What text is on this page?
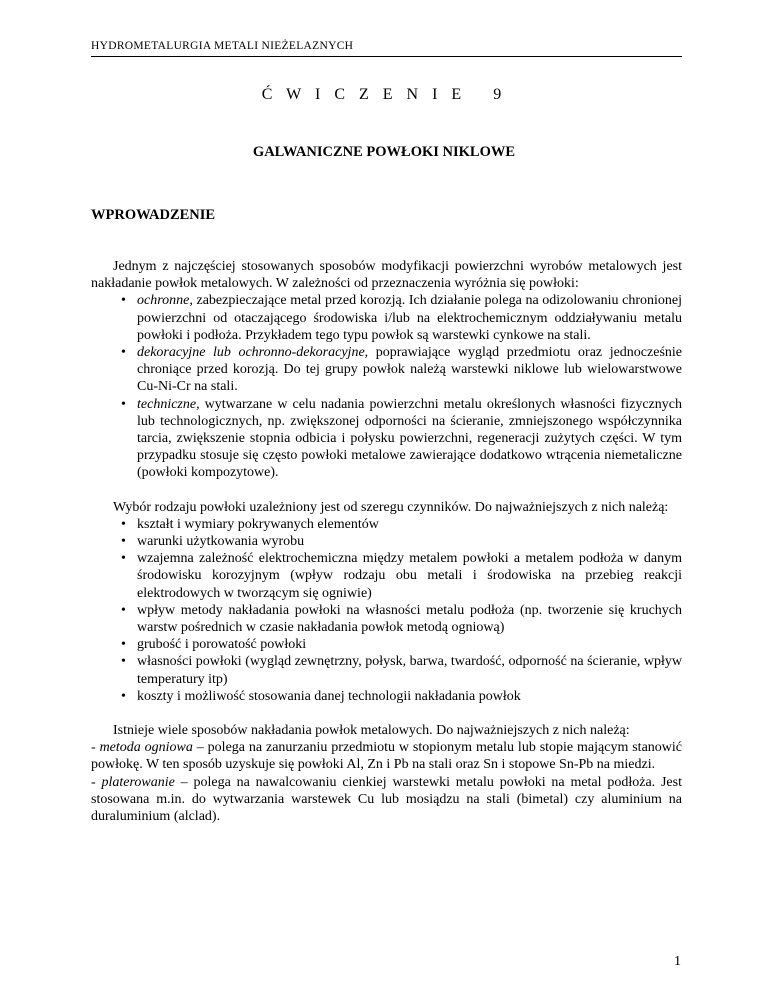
HYDROMETALURGIA METALI NIEŻELAZNYCH
Ć W I C Z E N I E   9
GALWANICZNE POWŁOKI NIKLOWE
WPROWADZENIE

Jednym z najczęściej stosowanych sposobów modyfikacji powierzchni wyrobów metalowych jest nakładanie powłok metalowych. W zależności od przeznaczenia wyróżnia się powłoki:

• ochronne, zabezpieczające metal przed korozją. Ich działanie polega na odizolowaniu chronionej powierzchni od otaczającego środowiska i/lub na elektrochemicznym oddziaływaniu metalu powłoki i podłoża. Przykładem tego typu powłok są warstewki cynkowe na stali.
• dekoracyjne lub ochronno-dekoracyjne, poprawiające wygląd przedmiotu oraz jednocześnie chroniące przed korozją. Do tej grupy powłok należą warstewki niklowe lub wielowarstwowe Cu-Ni-Cr na stali.
• techniczne, wytwarzane w celu nadania powierzchni metalu określonych własności fizycznych lub technologicznych, np. zwiększonej odporności na ścieranie, zmniejszonego współczynnika tarcia, zwiększenie stopnia odbicia i połysku powierzchni, regeneracji zużytych części. W tym przypadku stosuje się często powłoki metalowe zawierające dodatkowo wtrącenia niemetaliczne (powłoki kompozytowe).

Wybór rodzaju powłoki uzależniony jest od szeregu czynników. Do najważniejszych z nich należą:

• kształt i wymiary pokrywanych elementów
• warunki użytkowania wyrobu
• wzajemna zależność elektrochemiczna między metalem powłoki a metalem podłoża w danym środowisku korozyjnym (wpływ rodzaju obu metali i środowiska na przebieg reakcji elektrodowych w tworzącym się ogniwie)
• wpływ metody nakładania powłoki na własności metalu podłoża (np. tworzenie się kruchych warstw pośrednich w czasie nakładania powłok metodą ogniową)
• grubość i porowatość powłoki
• własności powłoki (wygląd zewnętrzny, połysk, barwa, twardość, odporność na ścieranie, wpływ temperatury itp)
• koszty i możliwość stosowania danej technologii nakładania powłok

Istnieje wiele sposobów nakładania powłok metalowych. Do najważniejszych z nich należą:

- metoda ogniowa – polega na zanurzaniu przedmiotu w stopionym metalu lub stopie mającym stanowić powłokę. W ten sposób uzyskuje się powłoki Al, Zn i Pb na stali oraz Sn i stopowe Sn-Pb na miedzi.

- platerowanie – polega na nawalcowaniu cienkiej warstewki metalu powłoki na metal podłoża. Jest stosowana m.in. do wytwarzania warstewek Cu lub mosiądzu na stali (bimetal) czy aluminium na duraluminium (alclad).

1
